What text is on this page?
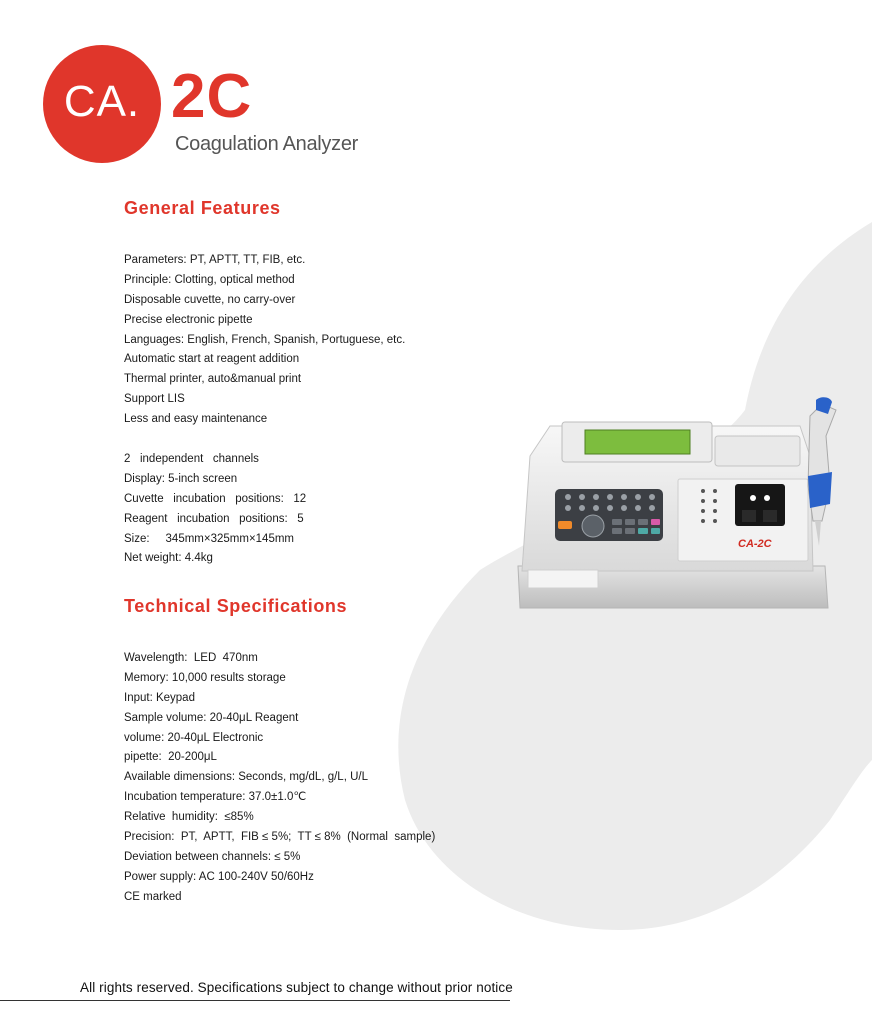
CA. 2C
Coagulation Analyzer
General Features
Parameters: PT, APTT, TT, FIB, etc.
Principle: Clotting, optical method
Disposable cuvette, no carry-over
Precise electronic pipette
Languages: English, French, Spanish, Portuguese, etc.
Automatic start at reagent addition
Thermal printer, auto&manual print
Support LIS
Less and easy maintenance
2   independent   channels
Display: 5-inch screen
Cuvette   incubation   positions:   12
Reagent   incubation   positions:   5
Size:     345mm×325mm×145mm
Net weight: 4.4kg
Technical Specifications
Wavelength:  LED  470nm
Memory: 10,000 results storage
Input: Keypad
Sample volume: 20-40μL Reagent
volume: 20-40μL Electronic
pipette:  20-200μL
Available dimensions: Seconds, mg/dL, g/L, U/L
Incubation temperature: 37.0±1.0℃
Relative  humidity:  ≤85%
Precision:  PT,  APTT,  FIB ≤ 5%;  TT ≤ 8%  (Normal  sample)
Deviation between channels: ≤ 5%
Power supply: AC 100-240V 50/60Hz
CE marked
CA-2C
All rights reserved. Specifications subject to change without prior notice
